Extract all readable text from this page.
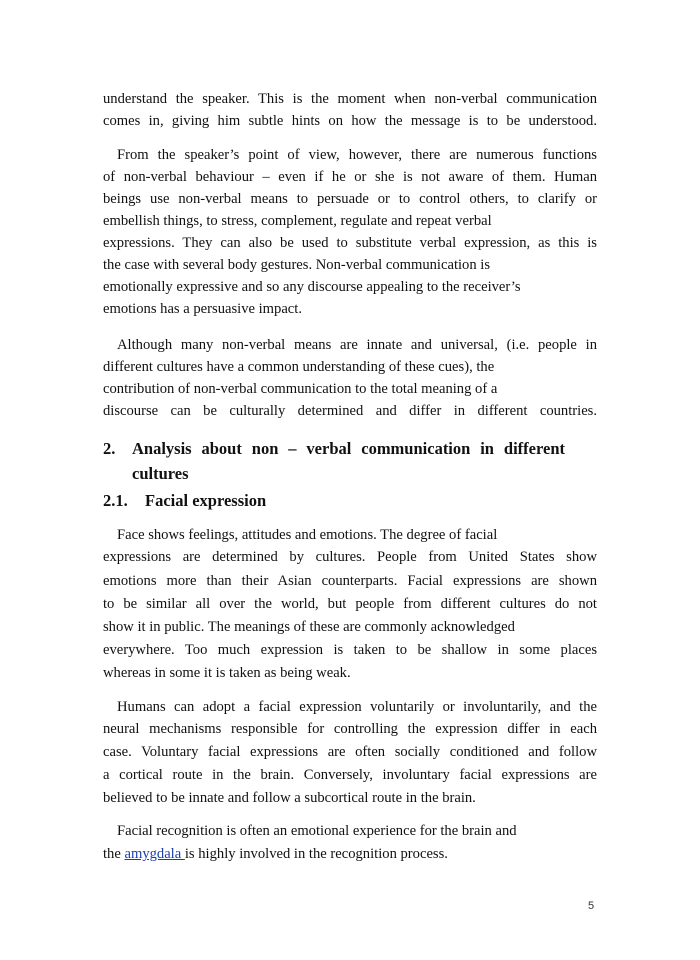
understand the speaker. This is the moment when non-verbal communication
comes in, giving him subtle hints on how the message is to be understood.
From the speaker’s point of view, however, there are numerous functions
of non-verbal behaviour – even if he or she is not aware of them. Human
beings use non-verbal means to persuade or to control others, to clarify or
embellish things, to stress, complement, regulate and repeat verbal
expressions. They can also be used to substitute verbal expression, as this is
the case with several body gestures. Non-verbal communication is
emotionally expressive and so any discourse appealing to the receiver’s
emotions has a persuasive impact.
Although many non-verbal means are innate and universal, (i.e. people in
different cultures have a common understanding of these cues), the
contribution of non-verbal communication to the total meaning of a
discourse can be culturally determined and differ in different countries.
2. Analysis about non – verbal communication in different
cultures
2.1. Facial expression
Face shows feelings, attitudes and emotions. The degree of facial
expressions are determined by cultures. People from United States show
emotions more than their Asian counterparts. Facial expressions are shown
to be similar all over the world, but people from different cultures do not
show it in public. The meanings of these are commonly acknowledged
everywhere. Too much expression is taken to be shallow in some places
whereas in some it is taken as being weak.
Humans can adopt a facial expression voluntarily or involuntarily, and the
neural mechanisms responsible for controlling the expression differ in each
case. Voluntary facial expressions are often socially conditioned and follow
a cortical route in the brain. Conversely, involuntary facial expressions are
believed to be innate and follow a subcortical route in the brain.
Facial recognition is often an emotional experience for the brain and
the amygdala is highly involved in the recognition process.
5
